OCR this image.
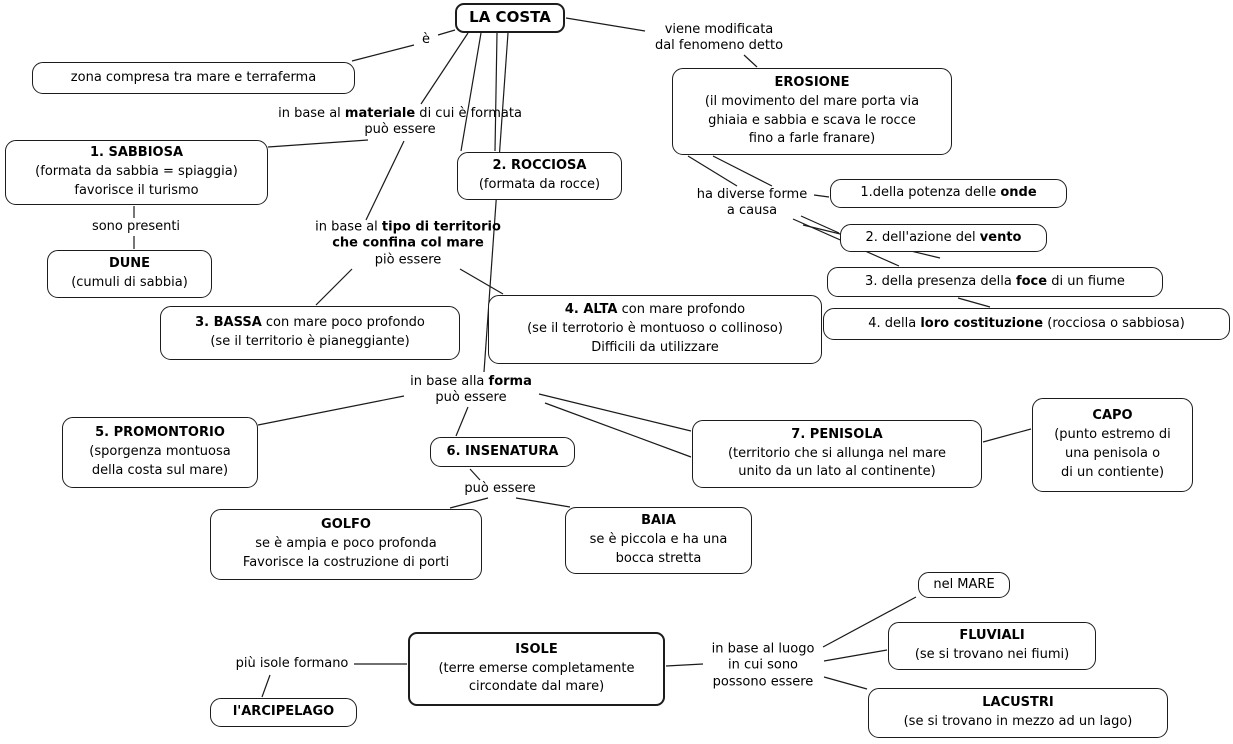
LA COSTA
zona compresa tra mare e terraferma	EROSIONE
(il movimento del mare porta via
ghiaia e sabbia e scava le rocce
fino a farle franare)
1. SABBIOSA
(formata da sabbia = spiaggia)
favorisce il turismo
2. ROCCIOSA
(formata da rocce)
DUNE
(cumuli di sabbia)
3. BASSA con mare poco profondo
(se il territorio è pianeggiante)
4. ALTA con mare profondo
(se il terrotorio è montuoso o collinoso)
Difficili da utilizzare
1.della potenza delle onde
2. dell'azione del vento
3. della presenza della foce di un fiume
4. della loro costituzione (rocciosa o sabbiosa)
5. PROMONTORIO
(sporgenza montuosa
della costa sul mare)
6. INSENATURA
7. PENISOLA
(territorio che si allunga nel mare
unito da un lato al continente)
CAPO
(punto estremo di
una penisola o
di un contiente)
GOLFO
se è ampia e poco profonda
Favorisce la costruzione di porti
BAIA
se è piccola e ha una
bocca stretta
nel MARE
FLUVIALI
(se si trovano nei fiumi)
LACUSTRI
(se si trovano in mezzo ad un lago)
ISOLE
(terre emerse completamente
circondate dal mare)
l'ARCIPELAGO
è
viene modificata
dal fenomeno detto
in base al materiale di cui è formata
può essere
sono presenti	in base al tipo di territorio
che confina col mare
piò essere
ha diverse forme
a causa
in base alla forma
può essere
può essere
più isole formano
in base al luogo
in cui sono
possono essere
